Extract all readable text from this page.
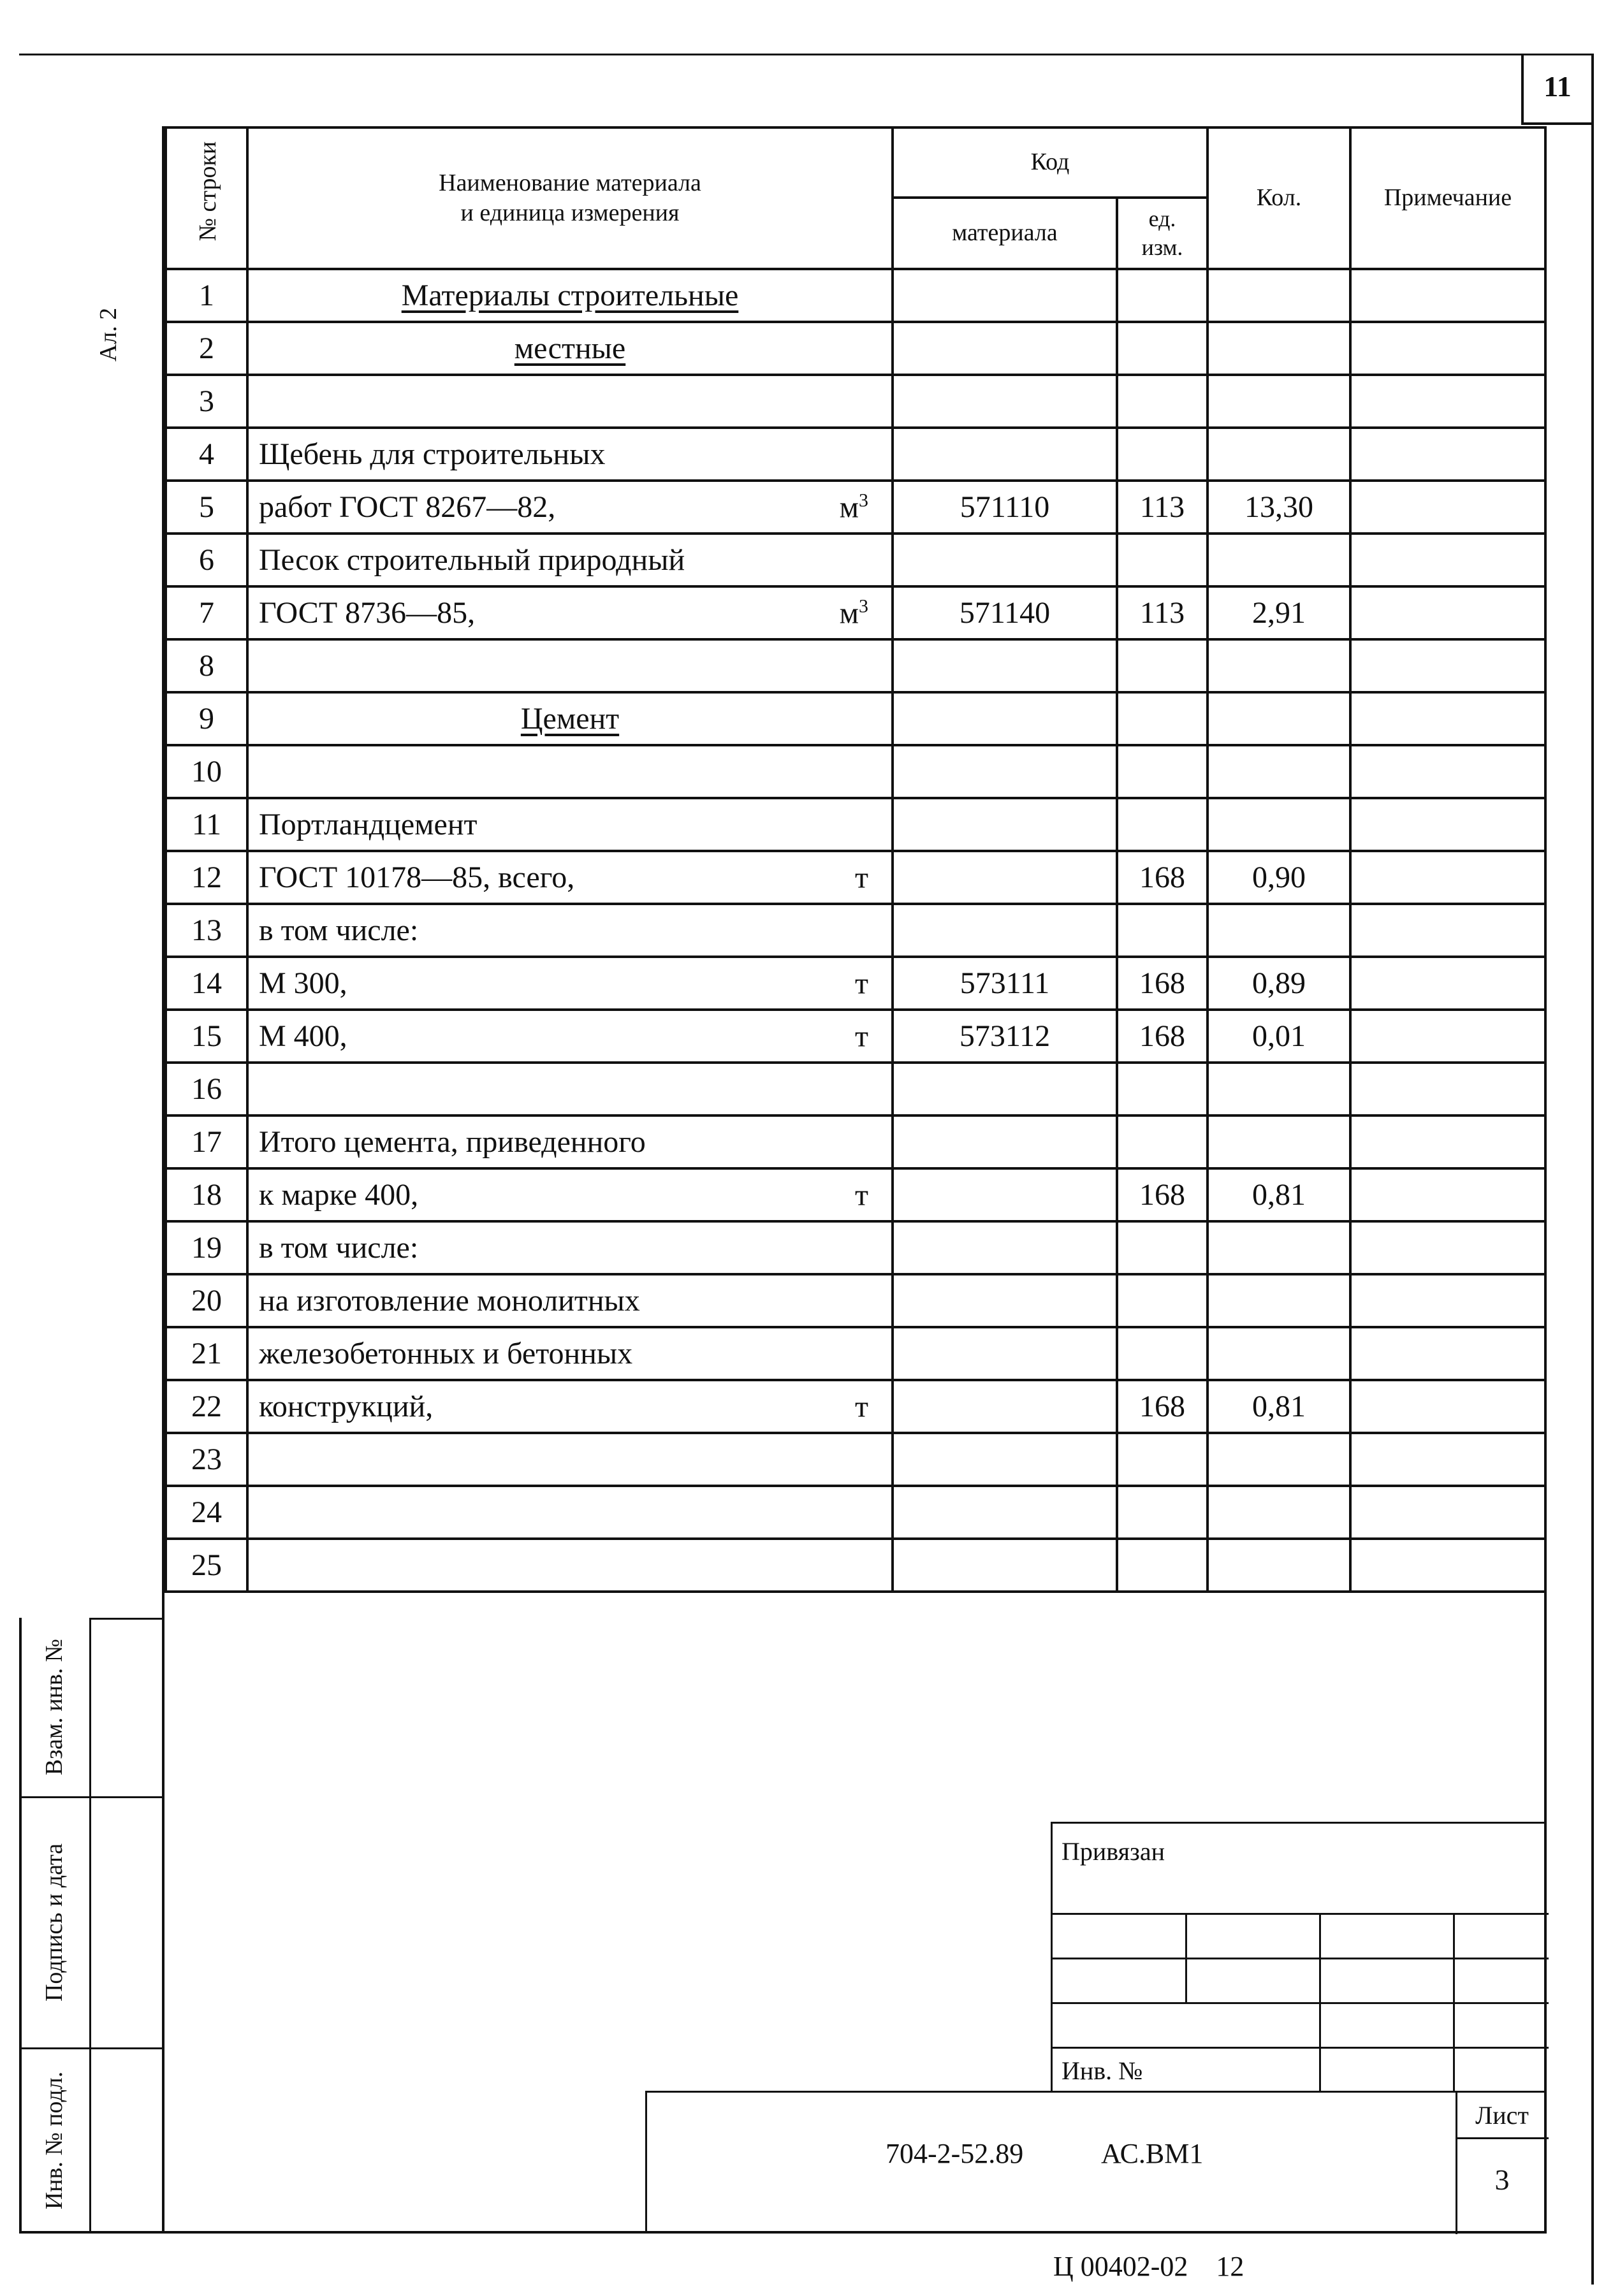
11
Ал. 2
№ строки	Наименование материала
и единица измерения	Код		Кол.	Примечание
		материала	ед.
изм.		

1	Материалы строительные				
2	местные				
3					
4	Щебень для строительных				
5	работ ГОСТ 8267—82, $м^3$	571110	113	13,30	
6	Песок строительный природный				
7	ГОСТ 8736—85, $м^3$	571140	113	2,91	
8					
9	Цемент				
10					
11	Портландцемент				
12	ГОСТ 10178—85, всего, т		168	0,90	
13	в том числе:				
14	М 300, т	573111	168	0,89	
15	М 400, т	573112	168	0,01	
16					
17	Итого цемента, приведенного				
18	к марке 400, т		168	0,81	
19	в том числе:				
20	на изготовление монолитных				
21	железобетонных и бетонных				
22	конструкций, т		168	0,81	
23					
24					
25					
Взам. инв. №
Подпись и дата
Инв. № подл.
Привязан
Инв. №
704-2-52.89	АС.ВМ1
Лист
3
Ц 00402-02    12
